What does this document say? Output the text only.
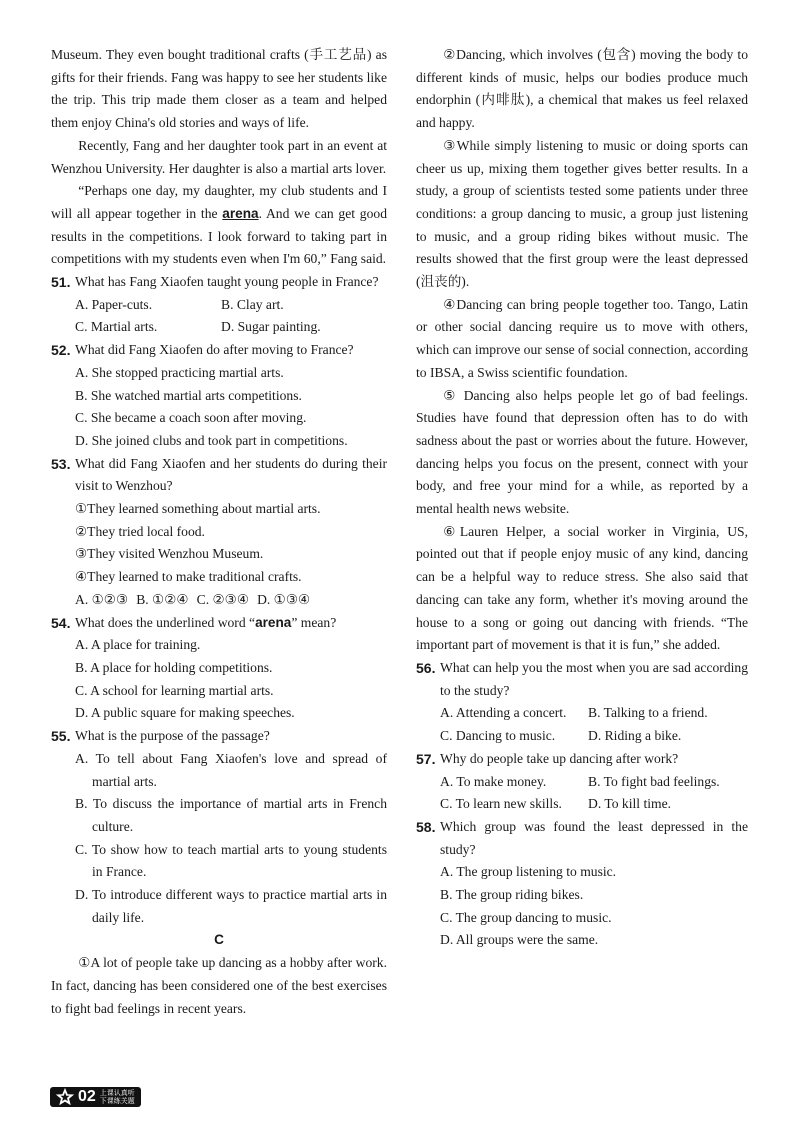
Museum. They even bought traditional crafts (手工艺品) as gifts for their friends. Fang was happy to see her students like the trip. This trip made them closer as a team and helped them enjoy China's old stories and ways of life.

Recently, Fang and her daughter took part in an event at Wenzhou University. Her daughter is also a martial arts lover.

“Perhaps one day, my daughter, my club students and I will all appear together in the arena. And we can get good results in the competitions. I look forward to taking part in competitions with my students even when I'm 60,” Fang said.

51. What has Fang Xiaofen taught young people in France?
A. Paper-cuts.	B. Clay art.
C. Martial arts.	D. Sugar painting.
52. What did Fang Xiaofen do after moving to France?
A. She stopped practicing martial arts.
B. She watched martial arts competitions.
C. She became a coach soon after moving.
D. She joined clubs and took part in competitions.
53. What did Fang Xiaofen and her students do during their visit to Wenzhou?
①They learned something about martial arts.
②They tried local food.
③They visited Wenzhou Museum.
④They learned to make traditional crafts.
A. ①②③ B. ①②④ C. ②③④ D. ①③④
54. What does the underlined word “arena” mean?
A. A place for training.
B. A place for holding competitions.
C. A school for learning martial arts.
D. A public square for making speeches.
55. What is the purpose of the passage?
A. To tell about Fang Xiaofen's love and spread of martial arts.
B. To discuss the importance of martial arts in French culture.
C. To show how to teach martial arts to young students in France.
D. To introduce different ways to practice martial arts in daily life.
C

①A lot of people take up dancing as a hobby after work. In fact, dancing has been considered one of the best exercises to fight bad feelings in recent years.

②Dancing, which involves (包含) moving the body to different kinds of music, helps our bodies produce much endorphin (内啡肽), a chemical that makes us feel relaxed and happy.

③While simply listening to music or doing sports can cheer us up, mixing them together gives better results. In a study, a group of scientists tested some patients under three conditions: a group dancing to music, a group just listening to music, and a group riding bikes without music. The results showed that the first group were the least depressed (沮丧的).

④Dancing can bring people together too. Tango, Latin or other social dancing require us to move with others, which can improve our sense of social connection, according to IBSA, a Swiss scientific foundation.

⑤ Dancing also helps people let go of bad feelings. Studies have found that depression often has to do with sadness about the past or worries about the future. However, dancing helps you focus on the present, connect with your body, and free your mind for a while, as reported by a mental health news website.

⑥Lauren Helper, a social worker in Virginia, US, pointed out that if people enjoy music of any kind, dancing can be a helpful way to reduce stress. She also said that dancing can take any form, whether it's moving around the house to a song or going out dancing with friends. “The important part of movement is that it is fun,” she added.

56. What can help you the most when you are sad according to the study?
A. Attending a concert.	B. Talking to a friend.
C. Dancing to music.	D. Riding a bike.
57. Why do people take up dancing after work?
A. To make money.	B. To fight bad feelings.
C. To learn new skills.	D. To kill time.
58. Which group was found the least depressed in the study?
A. The group listening to music.
B. The group riding bikes.
C. The group dancing to music.
D. All groups were the same.
02 上课认真听
下课练关题
